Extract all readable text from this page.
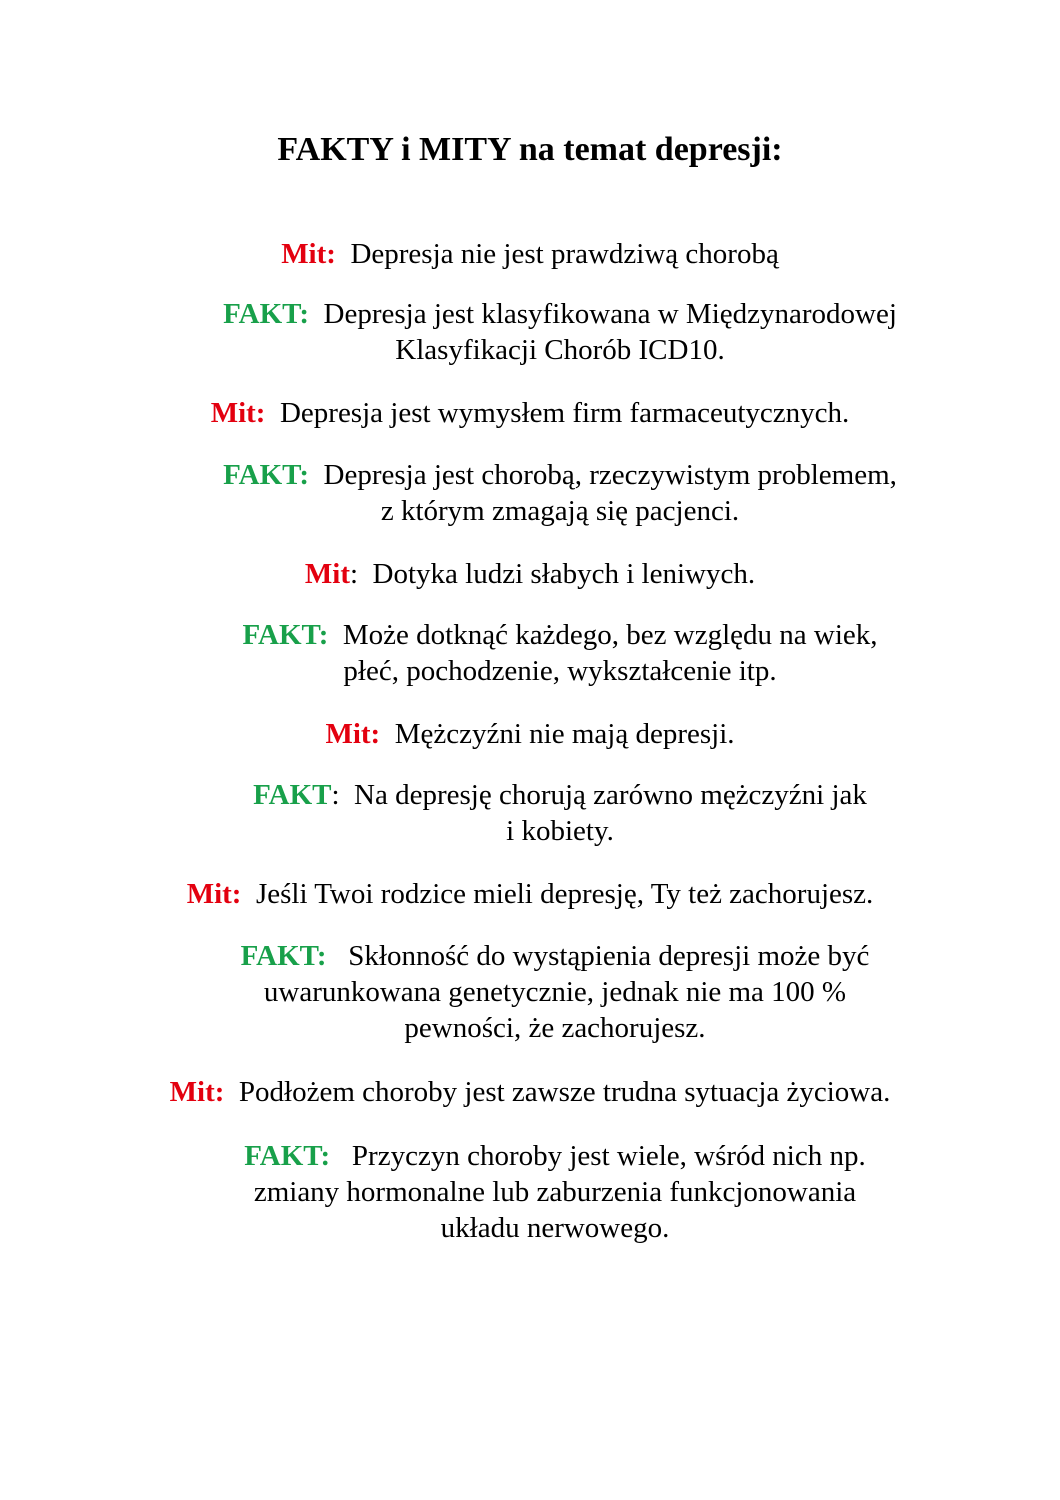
FAKTY i MITY na temat depresji:
Mit: Depresja nie jest prawdziwą chorobą
FAKT: Depresja jest klasyfikowana w Międzynarodowej
Klasyfikacji Chorób ICD10.
Mit: Depresja jest wymysłem firm farmaceutycznych.
FAKT: Depresja jest chorobą, rzeczywistym problemem,
z którym zmagają się pacjenci.
Mit: Dotyka ludzi słabych i leniwych.
FAKT: Może dotknąć każdego, bez względu na wiek,
płeć, pochodzenie, wykształcenie itp.
Mit: Mężczyźni nie mają depresji.
FAKT: Na depresję chorują zarówno mężczyźni jak
i kobiety.
Mit: Jeśli Twoi rodzice mieli depresję, Ty też zachorujesz.
FAKT: Skłonność do wystąpienia depresji może być
uwarunkowana genetycznie, jednak nie ma 100 %
pewności, że zachorujesz.
Mit: Podłożem choroby jest zawsze trudna sytuacja życiowa.
FAKT: Przyczyn choroby jest wiele, wśród nich np.
zmiany hormonalne lub zaburzenia funkcjonowania
układu nerwowego.
